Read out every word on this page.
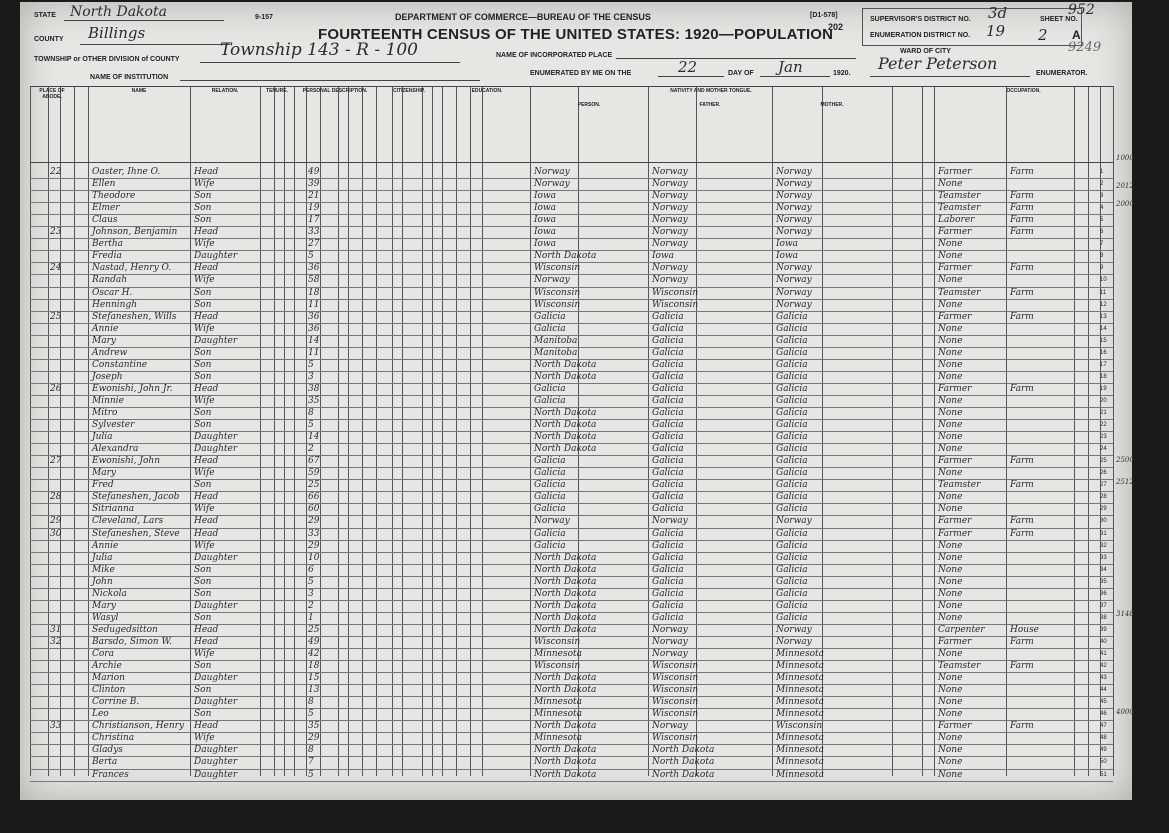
STATE North Dakota
COUNTY Billings
TOWNSHIP or OTHER DIVISION of COUNTY Township 143 - R - 100
NAME OF INSTITUTION
9-157	DEPARTMENT OF COMMERCE—BUREAU OF THE CENSUS
FOURTEENTH CENSUS OF THE UNITED STATES: 1920—POPULATION
[D1-578]
202
NAME OF INCORPORATED PLACE
ENUMERATED BY ME ON THE	22	DAY OF Jan	1920.
Peter Peterson
ENUMERATOR.
SUPERVISOR'S DISTRICT NO. 3d
ENUMERATION DISTRICT NO. 19
SHEET NO.
952
2 A
WARD OF CITY	9249
PLACE OF ABODE.
NAME	RELATION.	TENURE.	PERSONAL DESCRIPTION.	CITIZENSHIP.	EDUCATION.	NATIVITY AND MOTHER TONGUE.	OCCUPATION.
PERSON.	FATHER.	MOTHER.
22	Oaster, Ihne O.	Head	49	Norway	Norway	Norway	Farmer	Farm	1
Ellen	Wife	39	Norway	Norway	Norway	None	2
Theodore	Son	21	Iowa	Norway	Norway	Teamster	Farm	3
Elmer	Son	19	Iowa	Norway	Norway	Teamster	Farm	4
Claus	Son	17	Iowa	Norway	Norway	Laborer	Farm	5
23	Johnson, Benjamin Head	33	Iowa	Norway	Norway	Farmer	Farm	6
Bertha	Wife	27	Iowa	Norway	Iowa	None	7
Fredia	Daughter	5	North Dakota	Iowa	Iowa	None	8
24	Nastad, Henry O.	Head	36	Wisconsin	Norway	Norway	Farmer	Farm	9
Randah	Wife	58	Norway	Norway	Norway	None	10
Oscar H.	Son	18	Wisconsin	Wisconsin	Norway	Teamster	Farm	11
Henningh	Son	11	Wisconsin	Wisconsin	Norway	None	12
25	Stefaneshen, Wills Head	36	Galicia	Galicia	Galicia	Farmer	Farm	13
Annie	Wife	36	Galicia	Galicia	Galicia	None	14
Mary	Daughter	14	Manitoba	Galicia	Galicia	None	15
Andrew	Son	11	Manitoba	Galicia	Galicia	None	16
Constantine	Son	5	North Dakota	Galicia	Galicia	None	17
Joseph	Son	3	North Dakota	Galicia	Galicia	None	18
26	Ewonishi, John Jr. Head	38	Galicia	Galicia	Galicia	Farmer	Farm	19
Minnie	Wife	35	Galicia	Galicia	Galicia	None	20
Mitro	Son	8	North Dakota	Galicia	Galicia	None	21
Sylvester	Son	5	North Dakota	Galicia	Galicia	None	22
Julia	Daughter	14	North Dakota	Galicia	Galicia	None	23
Alexandra	Daughter	2	North Dakota	Galicia	Galicia	None	24
27	Ewonishi, John	Head	67	Galicia	Galicia	Galicia	Farmer	Farm	25
Mary	Wife	59	Galicia	Galicia	Galicia	None	26
Fred	Son	25	Galicia	Galicia	Galicia	Teamster	Farm	27
28	Stefaneshen, Jacob Head	66	Galicia	Galicia	Galicia	None	28
Sitrianna	Wife	60	Galicia	Galicia	Galicia	None	29
29	Cleveland, Lars	Head	29	Norway	Norway	Norway	Farmer	Farm	30
30	Stefaneshen, Steve Head	33	Galicia	Galicia	Galicia	Farmer	Farm	31
Annie	Wife	29	Galicia	Galicia	Galicia	None	32
Julia	Daughter	10	North Dakota	Galicia	Galicia	None	33
Mike	Son	6	North Dakota	Galicia	Galicia	None	34
John	Son	5	North Dakota	Galicia	Galicia	None	35
Nickola	Son	3	North Dakota	Galicia	Galicia	None	36
Mary	Daughter	2	North Dakota	Galicia	Galicia	None	37
Wasyl	Son	1	North Dakota	Galicia	Galicia	None	38
31	Sedugedsitton	Head	25	North Dakota	Norway	Norway	Carpenter	House	39
32	Barsdo, Simon W. Head	49	Wisconsin	Norway	Norway	Farmer	Farm	40
Cora	Wife	42	Minnesota	Norway	Minnesota	None	41
Archie	Son	18	Wisconsin	Wisconsin	Minnesota	Teamster	Farm	42
Marion	Daughter	15	North Dakota	Wisconsin	Minnesota	None	43
Clinton	Son	13	North Dakota	Wisconsin	Minnesota	None	44
Corrine B.	Daughter	8	Minnesota	Wisconsin	Minnesota	None	45
Leo	Son	5	Minnesota	Wisconsin	Minnesota	None	46
33	Christianson, Henry Head	35	North Dakota	Norway	Wisconsin	Farmer	Farm	47
Christina	Wife	29	Minnesota	Wisconsin	Minnesota	None	48
Gladys	Daughter	8	North Dakota	North Dakota	Minnesota	None	49
Berta	Daughter	7	North Dakota	North Dakota	Minnesota	None	50
Frances	Daughter	5	North Dakota	North Dakota	Minnesota	None	51
1000
2012
2000
2500
2512
3148
4000
